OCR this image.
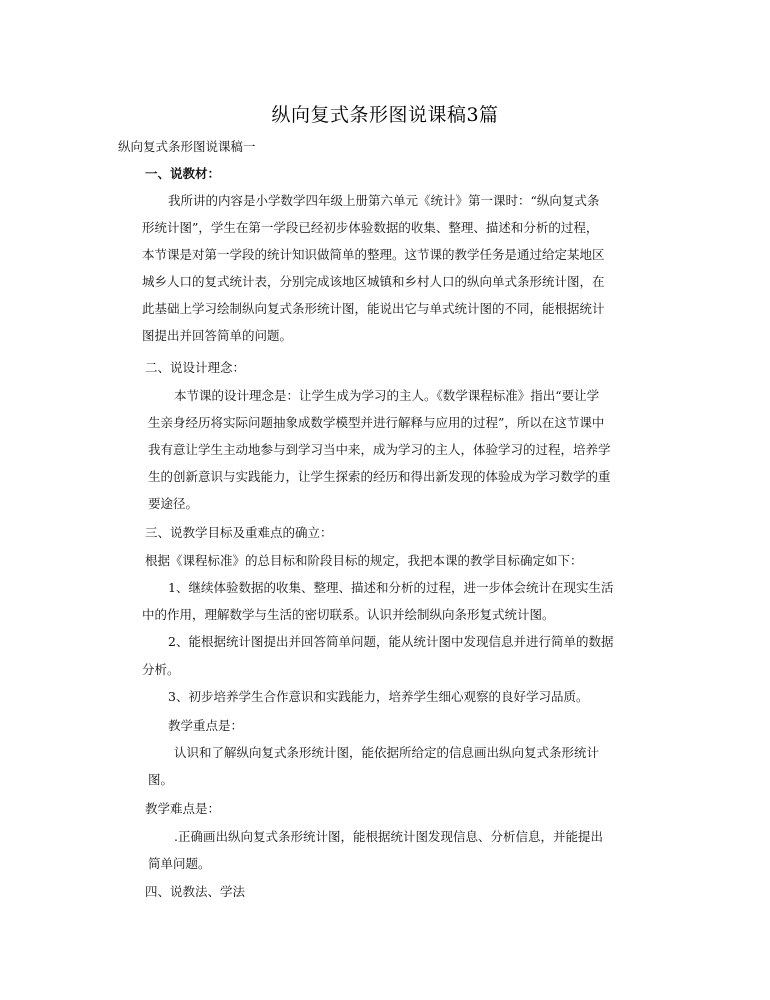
纵向复式条形图说课稿3篇
纵向复式条形图说课稿一
一、说教材：
我所讲的内容是小学数学四年级上册第六单元《统计》第一课时：“纵向复式条
形统计图”，学生在第一学段已经初步体验数据的收集、整理、描述和分析的过程，
本节课是对第一学段的统计知识做简单的整理。这节课的教学任务是通过给定某地区
城乡人口的复式统计表，分别完成该地区城镇和乡村人口的纵向单式条形统计图，在
此基础上学习绘制纵向复式条形统计图，能说出它与单式统计图的不同，能根据统计
图提出并回答简单的问题。
二、说设计理念：
本节课的设计理念是：让学生成为学习的主人。《数学课程标准》指出“要让学
生亲身经历将实际问题抽象成数学模型并进行解释与应用的过程”，所以在这节课中
我有意让学生主动地参与到学习当中来，成为学习的主人，体验学习的过程，培养学
生的创新意识与实践能力，让学生探索的经历和得出新发现的体验成为学习数学的重
要途径。
三、说教学目标及重难点的确立：
根据《课程标准》的总目标和阶段目标的规定，我把本课的教学目标确定如下：
1、继续体验数据的收集、整理、描述和分析的过程，进一步体会统计在现实生活
中的作用，理解数学与生活的密切联系。认识并绘制纵向条形复式统计图。
2、能根据统计图提出并回答简单问题，能从统计图中发现信息并进行简单的数据
分析。
3、初步培养学生合作意识和实践能力，培养学生细心观察的良好学习品质。
教学重点是：
认识和了解纵向复式条形统计图，能依据所给定的信息画出纵向复式条形统计
图。
教学难点是：
.正确画出纵向复式条形统计图，能根据统计图发现信息、分析信息，并能提出
简单问题。
四、说教法、学法
